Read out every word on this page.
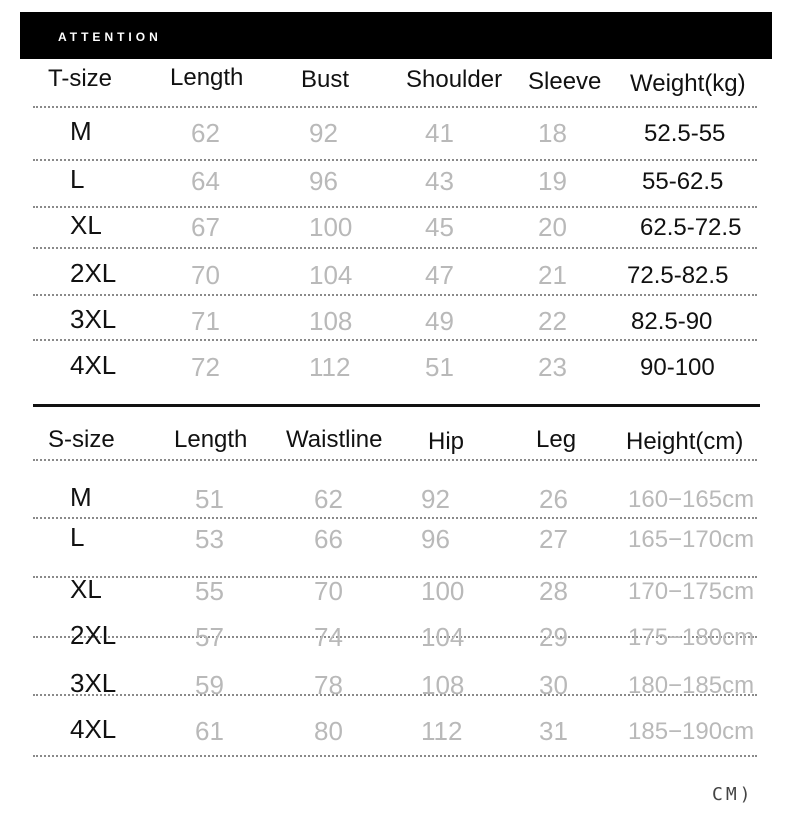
ATTENTION
T-size Length Bust Shoulder Sleeve Weight(kg)
M	62	92	41	18	52.5-55
L	64	96	43	19	55-62.5
XL	67	100	45	20	62.5-72.5
2XL	70	104	47	21	72.5-82.5
3XL	71	108	49	22	82.5-90
4XL	72	112	51	23	90-100
S-size Length Waistline Hip	Leg Height(cm)
M	51	62	92	26	160−165cm
L	53	66	96	27	165−170cm
XL	55	70	100	28	170−175cm
2XL	57	74	104	29	175−180cm
3XL	59	78	108	30	180−185cm
4XL	61	80	112	31	185−190cm
CM)
